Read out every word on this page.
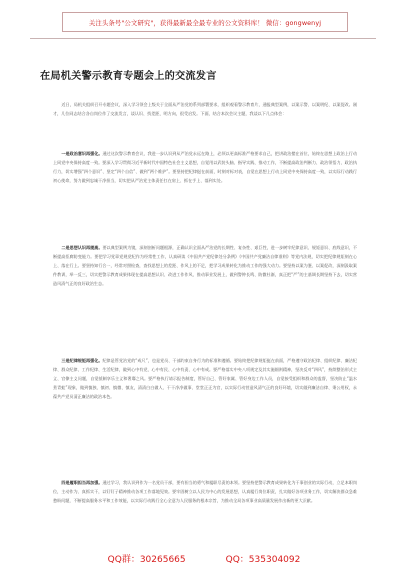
关注头条号"公文研究"，获得最新最全最专业的公文资料库！ 微信：gongwenyj
在局机关警示教育专题会上的交流发言

近日，局机关组织召开专题会议，深入学习领会上级关于全面从严治党的系列部署要求，组织观看警示教育片，通报典型案例，以案示警、以案明纪、以案促改。刚才，几位同志结合各自岗位作了交流发言，谈认识、找差距、明方向，很受启发。下面，结合本次会议主题，我谈以下几点体会：

一是政治意识再强化。通过这次警示教育会议，我进一步认识到从严治党永远在路上，必须以更高标准严格要求自己，把讲政治摆在首位，始终在思想上政治上行动上同党中央保持高度一致。要深入学习贯彻习近平新时代中国特色社会主义思想，自觉用以武装头脑、指导实践、推动工作，不断提高政治判断力、政治领悟力、政治执行力，切实增强“四个意识”、坚定“四个自信”、做到“两个维护”。要坚持把纪律挺在前面，时刻对标对表，自觉在思想上行动上同党中央保持高度一致，以实际行动践行初心使命，努力做到忠诚干净担当，切实把从严治党主体责任扛在肩上、抓在手上、落到实处。

二是思想认识再提高。要以典型案例为镜，深刻剖析问题根源，正确认识全面从严治党的长期性、复杂性、艰巨性，进一步树牢纪律意识、规矩意识、底线意识，不断提高拒腐防变能力。要把学习党章党规党纪作为经常性工作，认真研读《中国共产党纪律处分条例》《中国共产党廉洁自律准则》等党内法规，切实把纪律规矩刻在心上、落在行上。要坚持知行合一，经常对照检查，查找思想上的差距、作风上的不足，把学习成果转化为推动工作的强大动力。要坚持以案为鉴、以案促改，深刻汲取案件教训，举一反三，切实把警示教育成果体现在提高思想认识、改进工作作风、推动事业发展上，做到警钟长鸣、防微杜渐，真正把“严”的主基调长期坚持下去，切实营造风清气正的良好政治生态。

三是纪律规矩再强化。纪律是管党治党的“戒尺”，也是党员、干部约束自身行为的标准和遵循。要始终把纪律规矩挺在前面，严格遵守政治纪律、组织纪律、廉洁纪律、群众纪律、工作纪律、生活纪律，做到心中有党、心中有民、心中有责、心中有戒。要严格落实中央八项规定及其实施细则精神，坚决反对“四风”，持续整治形式主义、官僚主义问题，自觉抵制享乐主义和奢靡之风。要严格执行请示报告制度，管好自己、管好家属、管好身边工作人员，自觉接受组织和群众的监督，坚决防止“温水煮青蛙”现象，做到慎独、慎初、慎微、慎友，清清白白做人、干干净净做事、堂堂正正为官，以实际行动营造风清气正的良好环境，切实做到廉洁自律、秉公用权，永葆共产党员清正廉洁的政治本色。

四是履职担当再加强。通过学习，我认识到作为一名党员干部，要有担当的勇气和履职尽责的本领。要坚持把警示教育成果转化为干事创业的实际行动，立足本职岗位，主动作为、真抓实干，以钉钉子精神推动各项工作落地见效。要牢固树立以人民为中心的发展思想，认真履行岗位职责，扎实做好各项业务工作，切实解决群众急难愁盼问题，不断提高服务水平和工作效能，以实际行动践行全心全意为人民服务的根本宗旨，为推动全局各项事业高质量发展作出新的更大贡献。

QQ群：30265665	QQ：535304092
